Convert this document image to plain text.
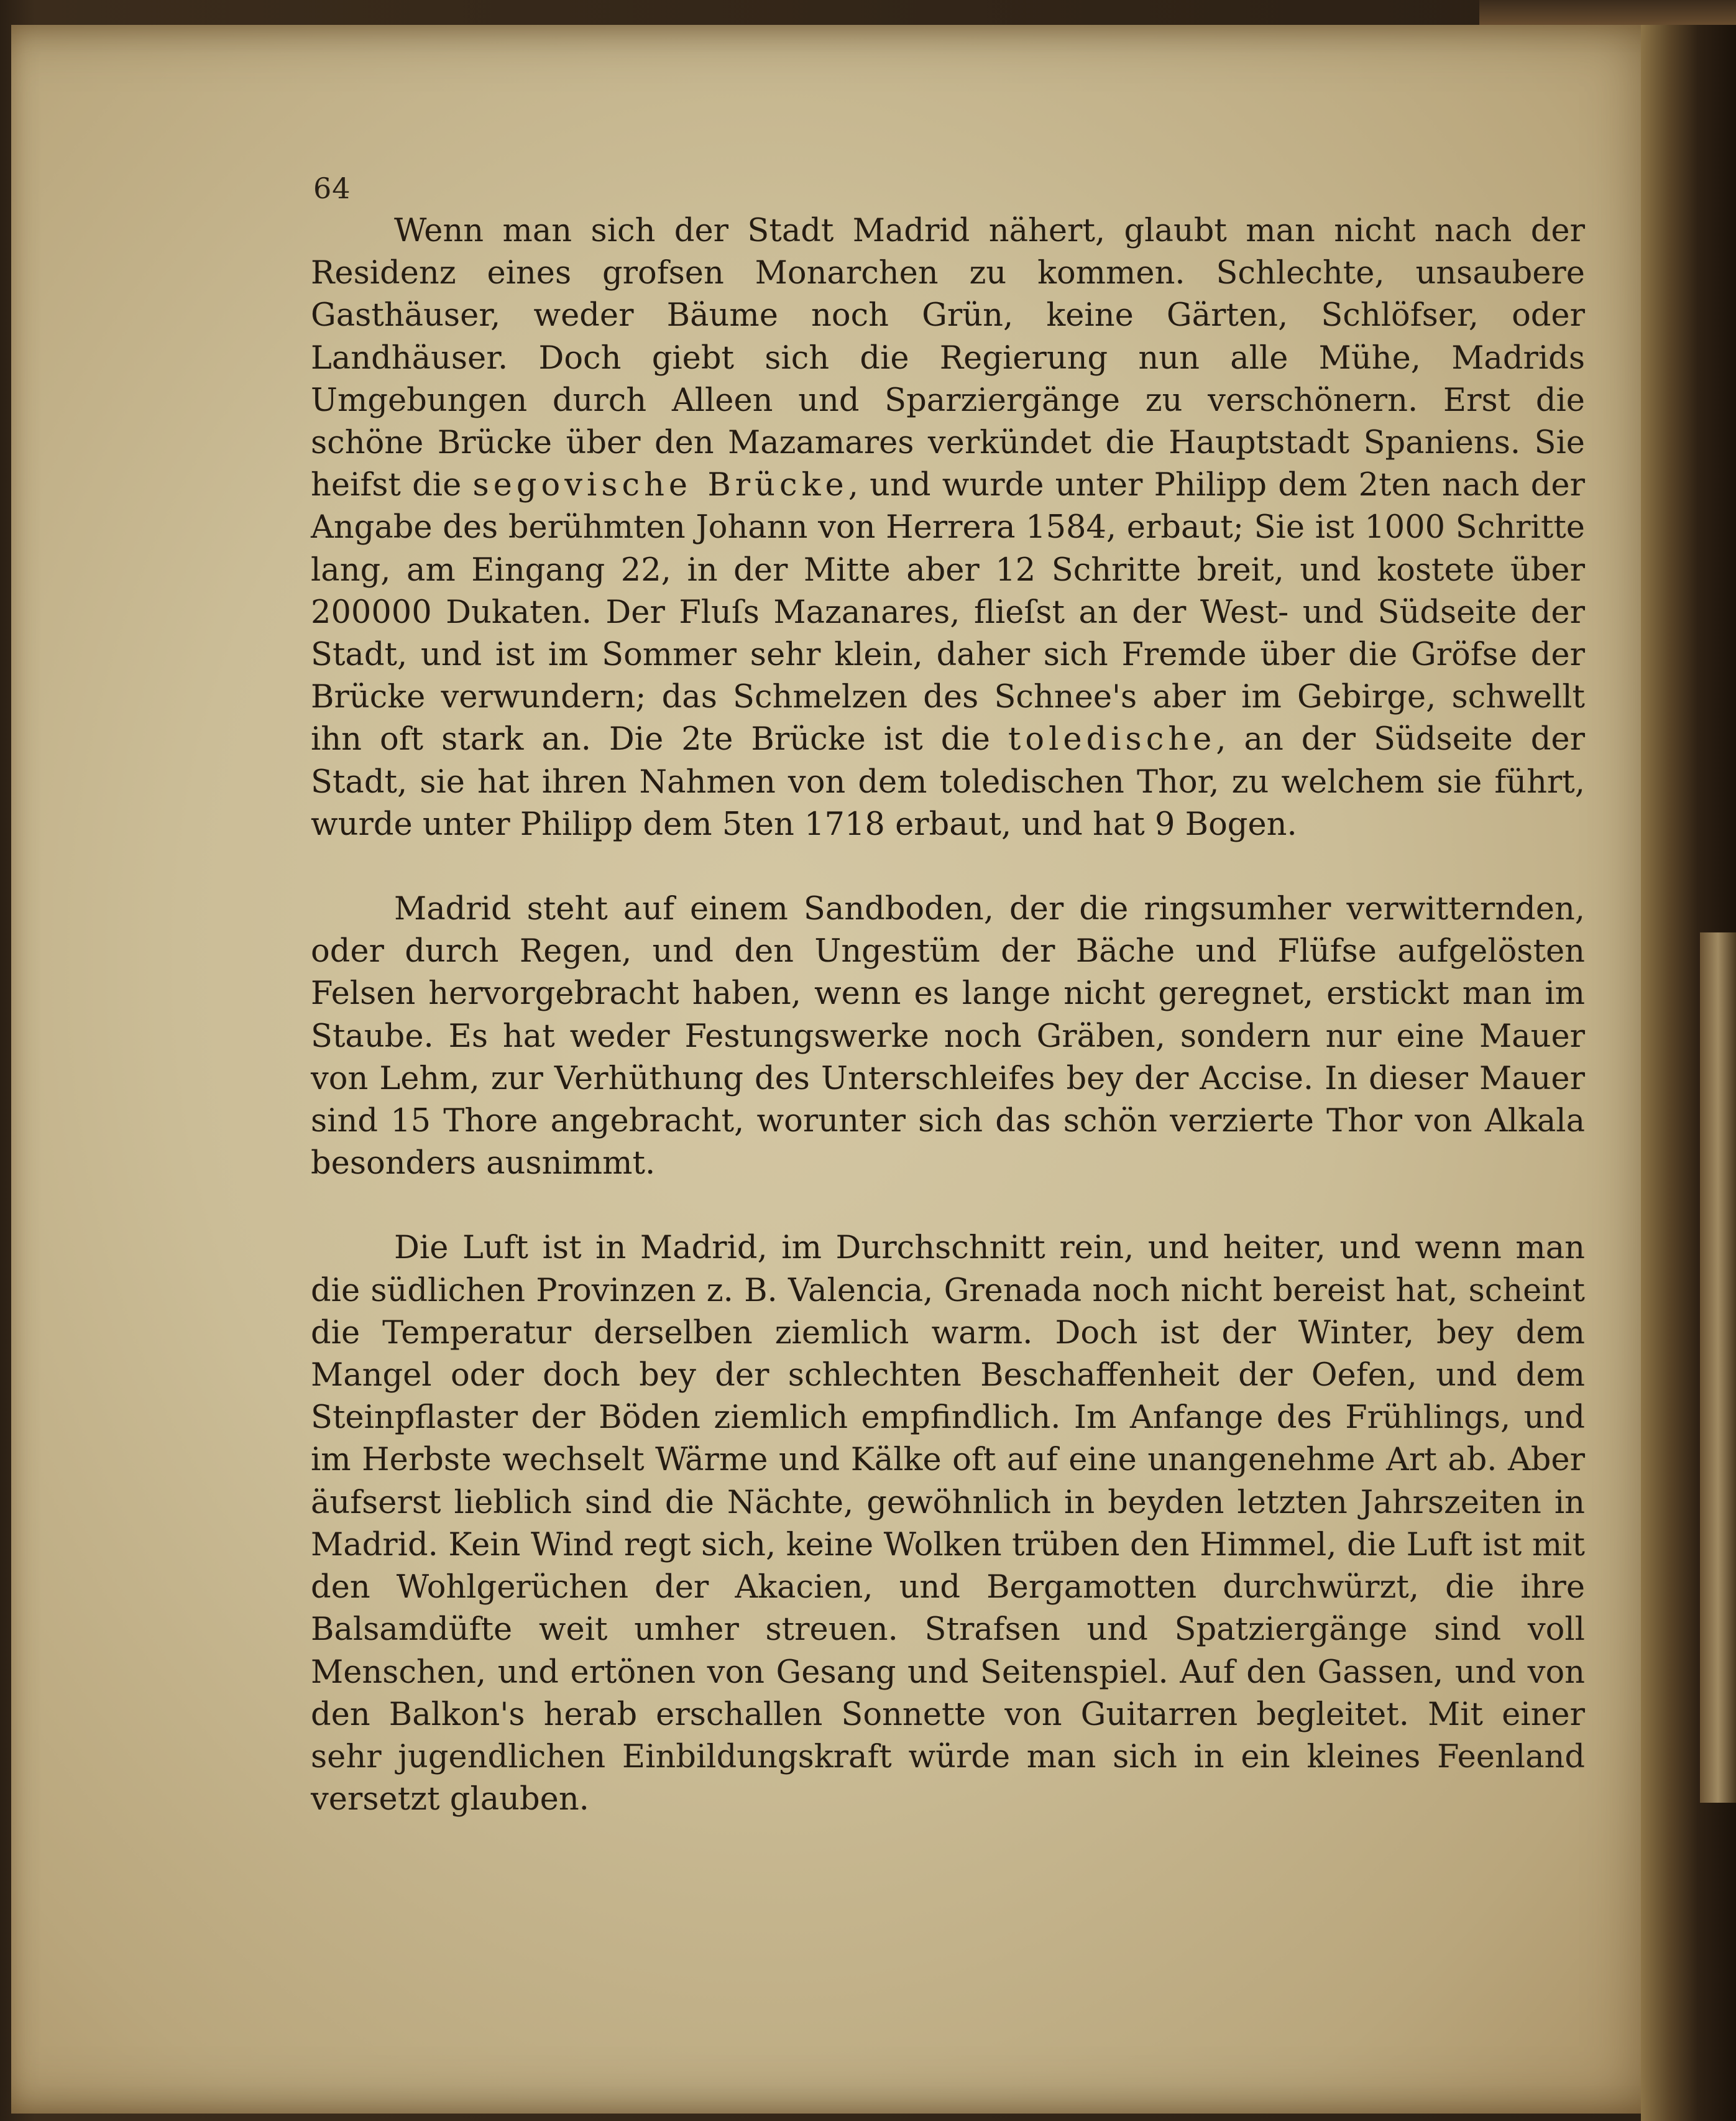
64

Wenn man sich der Stadt Madrid nähert, glaubt man nicht nach der Residenz eines grofsen Monarchen zu kommen. Schlechte, unsaubere Gasthäuser, weder Bäume noch Grün, keine Gärten, Schlöfser, oder Landhäuser. Doch giebt sich die Regierung nun alle Mühe, Madrids Umgebungen durch Alleen und Sparziergänge zu verschönern. Erst die schöne Brücke über den Mazamares verkündet die Hauptstadt Spaniens. Sie heifst die segovische Brücke, und wurde unter Philipp dem 2ten nach der Angabe des berühmten Johann von Herrera 1584, erbaut; Sie ist 1000 Schritte lang, am Eingang 22, in der Mitte aber 12 Schritte breit, und kostete über 200000 Dukaten. Der Fluſs Mazanares, flieſst an der West- und Südseite der Stadt, und ist im Sommer sehr klein, daher sich Fremde über die Gröfse der Brücke verwundern; das Schmelzen des Schnee's aber im Gebirge, schwellt ihn oft stark an. Die 2te Brücke ist die toledische, an der Südseite der Stadt, sie hat ihren Nahmen von dem toledischen Thor, zu welchem sie führt, wurde unter Philipp dem 5ten 1718 erbaut, und hat 9 Bogen.

Madrid steht auf einem Sandboden, der die ringsumher verwitternden, oder durch Regen, und den Ungestüm der Bäche und Flüfse aufgelösten Felsen hervorgebracht haben, wenn es lange nicht geregnet, erstickt man im Staube. Es hat weder Festungswerke noch Gräben, sondern nur eine Mauer von Lehm, zur Verhüthung des Unterschleifes bey der Accise. In dieser Mauer sind 15 Thore angebracht, worunter sich das schön verzierte Thor von Alkala besonders ausnimmt.

Die Luft ist in Madrid, im Durchschnitt rein, und heiter, und wenn man die südlichen Provinzen z. B. Valencia, Grenada noch nicht bereist hat, scheint die Temperatur derselben ziemlich warm. Doch ist der Winter, bey dem Mangel oder doch bey der schlechten Beschaffenheit der Oefen, und dem Steinpflaster der Böden ziemlich empfindlich. Im Anfange des Frühlings, und im Herbste wechselt Wärme und Kälke oft auf eine unangenehme Art ab. Aber äufserst lieblich sind die Nächte, gewöhnlich in beyden letzten Jahrszeiten in Madrid. Kein Wind regt sich, keine Wolken trüben den Himmel, die Luft ist mit den Wohlgerüchen der Akacien, und Bergamotten durchwürzt, die ihre Balsamdüfte weit umher streuen. Strafsen und Spatziergänge sind voll Menschen, und ertönen von Gesang und Seitenspiel. Auf den Gassen, und von den Balkon's herab erschallen Sonnette von Guitarren begleitet. Mit einer sehr jugendlichen Einbildungskraft würde man sich in ein kleines Feenland versetzt glauben.
